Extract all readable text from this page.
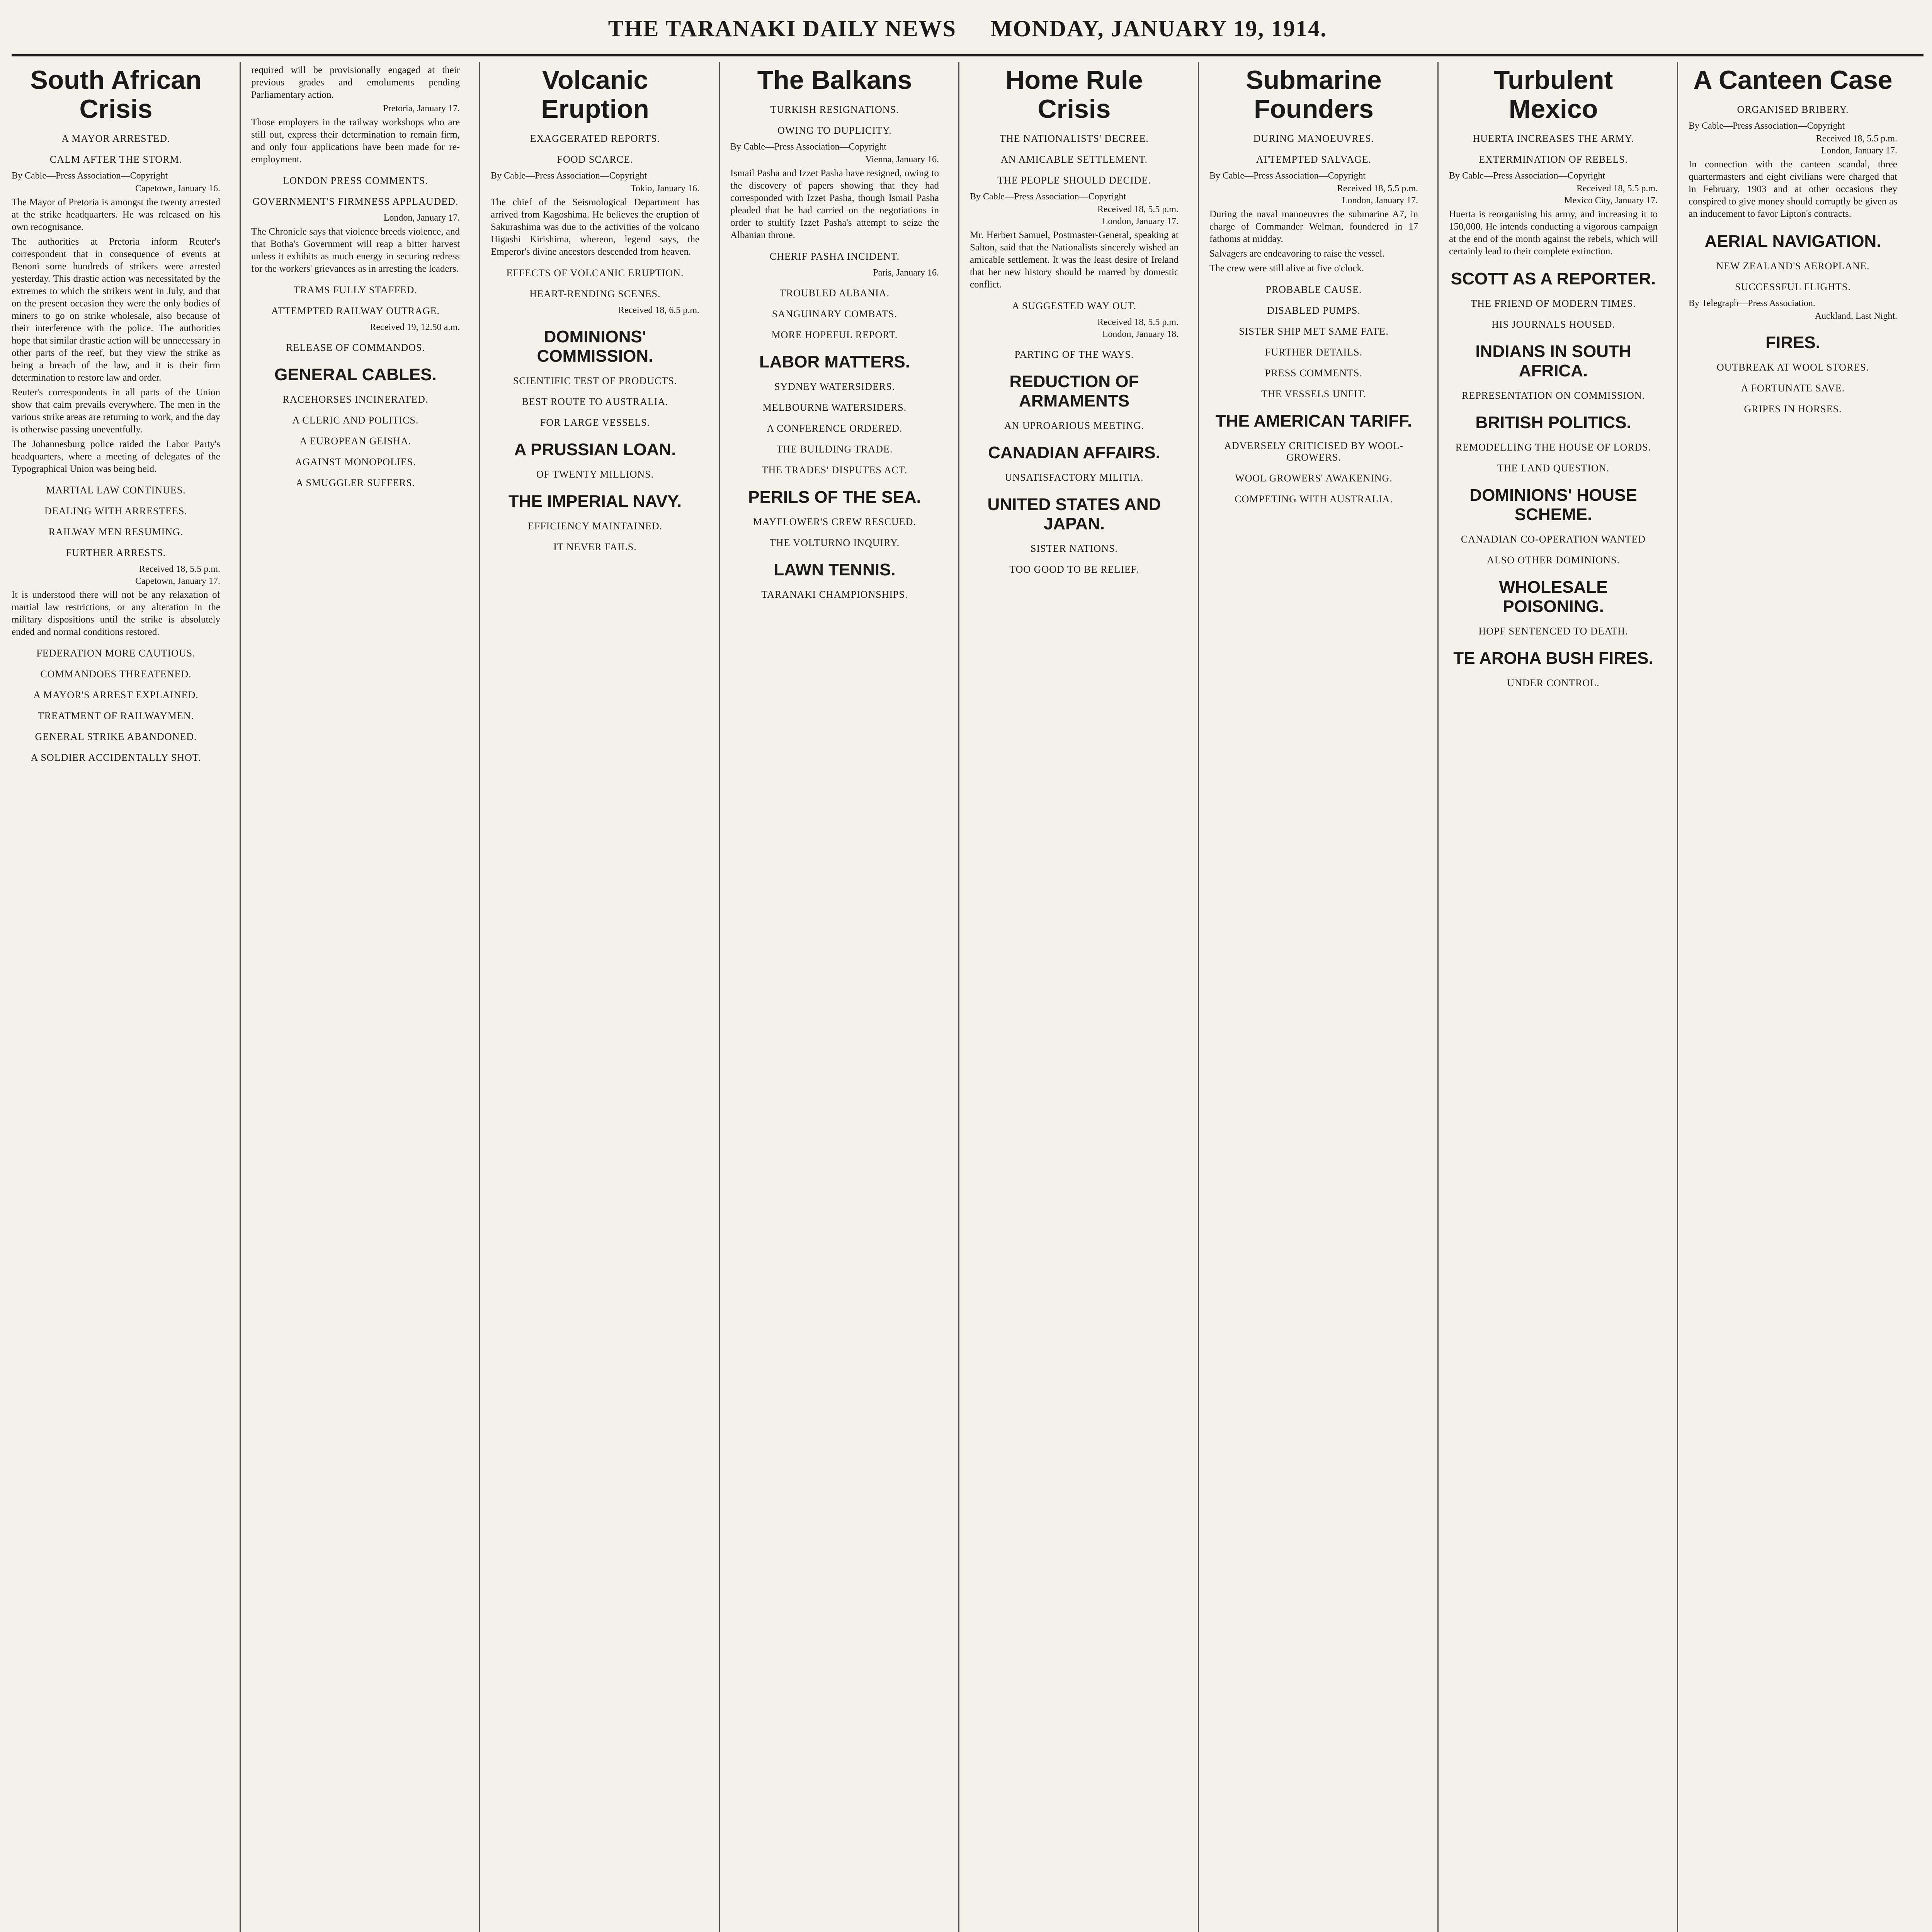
THE TARANAKI DAILY NEWS MONDAY, JANUARY 19, 1914.
South African Crisis
A MAYOR ARRESTED.
CALM AFTER THE STORM.
By Cable—Press Association—Copyright
Capetown, January 16.
The Mayor of Pretoria is amongst the twenty arrested at the strike headquarters. He was released on his own recognisance.
The authorities at Pretoria inform Reuter's correspondent that in consequence of events at Benoni some hundreds of strikers were arrested yesterday. This drastic action was necessitated by the extremes to which the strikers went in July, and that on the present occasion they were the only bodies of miners to go on strike wholesale, also because of their interference with the police. The authorities hope that similar drastic action will be unnecessary in other parts of the reef, but they view the strike as being a breach of the law, and it is their firm determination to restore law and order.
Reuter's correspondents in all parts of the Union show that calm prevails everywhere. The men in the various strike areas are returning to work, and the day is otherwise passing uneventfully.
The Johannesburg police raided the Labor Party's headquarters, where a meeting of delegates of the Typographical Union was being held.
MARTIAL LAW CONTINUES.
DEALING WITH ARRESTEES.
RAILWAY MEN RESUMING.
FURTHER ARRESTS.
Received 18, 5.5 p.m.
Capetown, January 17.
It is understood there will not be any relaxation of martial law restrictions, or any alteration in the military dispositions until the strike is absolutely ended and normal conditions restored.
FEDERATION MORE CAUTIOUS.
COMMANDOES THREATENED.
A MAYOR'S ARREST EXPLAINED.
TREATMENT OF RAILWAYMEN.
GENERAL STRIKE ABANDONED.
A SOLDIER ACCIDENTALLY SHOT.
required will be provisionally engaged at their previous grades and emoluments pending Parliamentary action.
Pretoria, January 17.
Those employers in the railway workshops who are still out, express their determination to remain firm, and only four applications have been made for re-employment.
LONDON PRESS COMMENTS.
GOVERNMENT'S FIRMNESS APPLAUDED.
London, January 17.
The Chronicle says that violence breeds violence, and that Botha's Government will reap a bitter harvest unless it exhibits as much energy in securing redress for the workers' grievances as in arresting the leaders.
TRAMS FULLY STAFFED.
ATTEMPTED RAILWAY OUTRAGE.
Received 19, 12.50 a.m.
RELEASE OF COMMANDOS.
GENERAL CABLES.
RACEHORSES INCINERATED.
A CLERIC AND POLITICS.
A EUROPEAN GEISHA.
AGAINST MONOPOLIES.
A SMUGGLER SUFFERS.
Volcanic Eruption
EXAGGERATED REPORTS.
FOOD SCARCE.
By Cable—Press Association—Copyright
Tokio, January 16.
The chief of the Seismological Department has arrived from Kagoshima. He believes the eruption of Sakurashima was due to the activities of the volcano Higashi Kirishima, whereon, legend says, the Emperor's divine ancestors descended from heaven.
EFFECTS OF VOLCANIC ERUPTION.
HEART-RENDING SCENES.
Received 18, 6.5 p.m.
DOMINIONS' COMMISSION.
SCIENTIFIC TEST OF PRODUCTS.
BEST ROUTE TO AUSTRALIA.
FOR LARGE VESSELS.
A PRUSSIAN LOAN.
OF TWENTY MILLIONS.
THE IMPERIAL NAVY.
EFFICIENCY MAINTAINED.
IT NEVER FAILS.
The Balkans
TURKISH RESIGNATIONS.
OWING TO DUPLICITY.
By Cable—Press Association—Copyright
Vienna, January 16.
Ismail Pasha and Izzet Pasha have resigned, owing to the discovery of papers showing that they had corresponded with Izzet Pasha, though Ismail Pasha pleaded that he had carried on the negotiations in order to stultify Izzet Pasha's attempt to seize the Albanian throne.
CHERIF PASHA INCIDENT.
Paris, January 16.
TROUBLED ALBANIA.
SANGUINARY COMBATS.
MORE HOPEFUL REPORT.
LABOR MATTERS.
SYDNEY WATERSIDERS.
MELBOURNE WATERSIDERS.
A CONFERENCE ORDERED.
THE BUILDING TRADE.
THE TRADES' DISPUTES ACT.
PERILS OF THE SEA.
MAYFLOWER'S CREW RESCUED.
THE VOLTURNO INQUIRY.
LAWN TENNIS.
TARANAKI CHAMPIONSHIPS.
Home Rule Crisis
THE NATIONALISTS' DECREE.
AN AMICABLE SETTLEMENT.
THE PEOPLE SHOULD DECIDE.
By Cable—Press Association—Copyright
Received 18, 5.5 p.m.
London, January 17.
Mr. Herbert Samuel, Postmaster-General, speaking at Salton, said that the Nationalists sincerely wished an amicable settlement. It was the least desire of Ireland that her new history should be marred by domestic conflict.
A SUGGESTED WAY OUT.
Received 18, 5.5 p.m.
London, January 18.
PARTING OF THE WAYS.
REDUCTION OF ARMAMENTS
AN UPROARIOUS MEETING.
CANADIAN AFFAIRS.
UNSATISFACTORY MILITIA.
UNITED STATES AND JAPAN.
SISTER NATIONS.
TOO GOOD TO BE RELIEF.
Submarine Founders
DURING MANOEUVRES.
ATTEMPTED SALVAGE.
By Cable—Press Association—Copyright
Received 18, 5.5 p.m.
London, January 17.
During the naval manoeuvres the submarine A7, in charge of Commander Welman, foundered in 17 fathoms at midday.
Salvagers are endeavoring to raise the vessel.
The crew were still alive at five o'clock.
PROBABLE CAUSE.
DISABLED PUMPS.
SISTER SHIP MET SAME FATE.
FURTHER DETAILS.
PRESS COMMENTS.
THE VESSELS UNFIT.
THE AMERICAN TARIFF.
ADVERSELY CRITICISED BY WOOL-GROWERS.
WOOL GROWERS' AWAKENING.
COMPETING WITH AUSTRALIA.
Turbulent Mexico
HUERTA INCREASES THE ARMY.
EXTERMINATION OF REBELS.
By Cable—Press Association—Copyright
Received 18, 5.5 p.m.
Mexico City, January 17.
Huerta is reorganising his army, and increasing it to 150,000. He intends conducting a vigorous campaign at the end of the month against the rebels, which will certainly lead to their complete extinction.
SCOTT AS A REPORTER.
THE FRIEND OF MODERN TIMES.
HIS JOURNALS HOUSED.
INDIANS IN SOUTH AFRICA.
REPRESENTATION ON COMMISSION.
BRITISH POLITICS.
REMODELLING THE HOUSE OF LORDS.
THE LAND QUESTION.
DOMINIONS' HOUSE SCHEME.
CANADIAN CO-OPERATION WANTED
ALSO OTHER DOMINIONS.
WHOLESALE POISONING.
HOPF SENTENCED TO DEATH.
TE AROHA BUSH FIRES.
UNDER CONTROL.
A Canteen Case
ORGANISED BRIBERY.
By Cable—Press Association—Copyright
Received 18, 5.5 p.m.
London, January 17.
In connection with the canteen scandal, three quartermasters and eight civilians were charged that in February, 1903 and at other occasions they conspired to give money should corruptly be given as an inducement to favor Lipton's contracts.
AERIAL NAVIGATION.
NEW ZEALAND'S AEROPLANE.
SUCCESSFUL FLIGHTS.
By Telegraph—Press Association.
Auckland, Last Night.
FIRES.
OUTBREAK AT WOOL STORES.
A FORTUNATE SAVE.
GRIPES IN HORSES.
